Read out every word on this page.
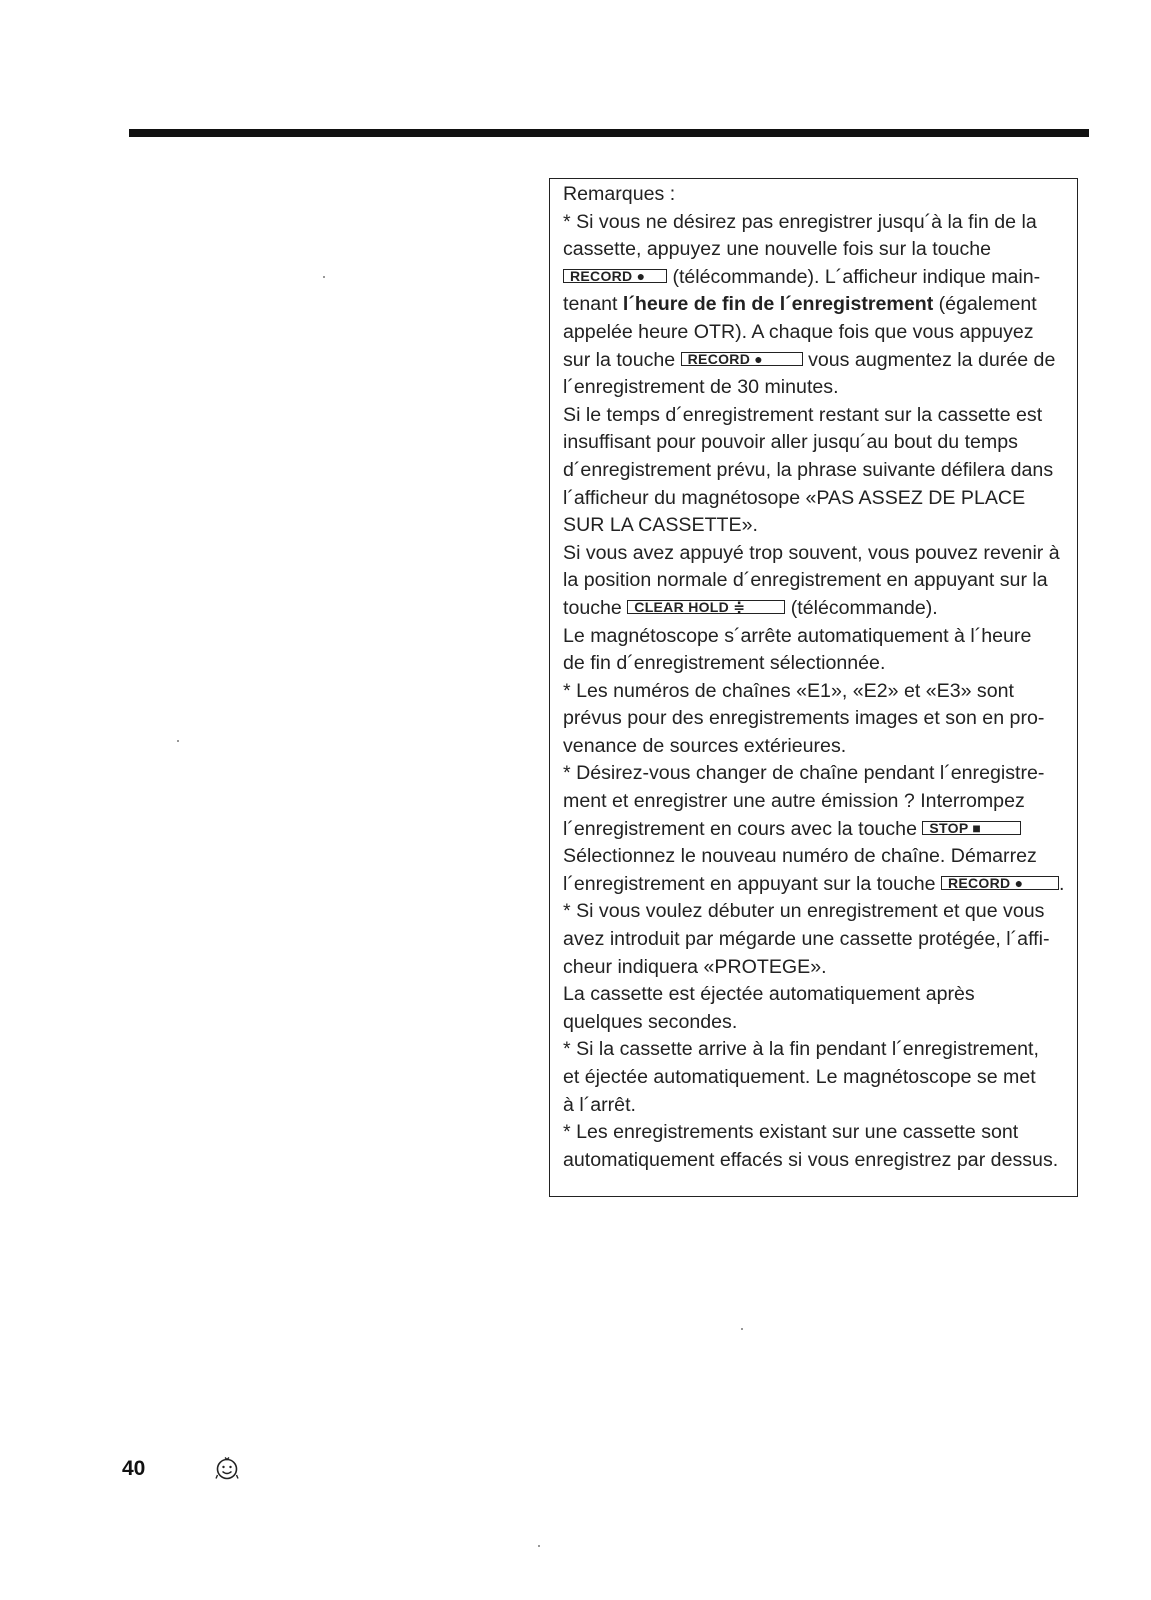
Remarques :
* Si vous ne désirez pas enregistrer jusqu´à la fin de la
cassette, appuyez une nouvelle fois sur la touche
RECORD ● (télécommande). L´afficheur indique main-
tenant l´heure de fin de l´enregistrement (également
appelée heure OTR). A chaque fois que vous appuyez
sur la touche RECORD ● vous augmentez la durée de
l´enregistrement de 30 minutes.
Si le temps d´enregistrement restant sur la cassette est
insuffisant pour pouvoir aller jusqu´au bout du temps
d´enregistrement prévu, la phrase suivante défilera dans
l´afficheur du magnétosope «PAS ASSEZ DE PLACE
SUR LA CASSETTE».
Si vous avez appuyé trop souvent, vous pouvez revenir à
la position normale d´enregistrement en appuyant sur la
touche CLEAR HOLD ≑ (télécommande).
Le magnétoscope s´arrête automatiquement à l´heure
de fin d´enregistrement sélectionnée.
* Les numéros de chaînes «E1», «E2» et «E3» sont
prévus pour des enregistrements images et son en pro-
venance de sources extérieures.
* Désirez-vous changer de chaîne pendant l´enregistre-
ment et enregistrer une autre émission ? Interrompez
l´enregistrement en cours avec la touche STOP ■
Sélectionnez le nouveau numéro de chaîne. Démarrez
l´enregistrement en appuyant sur la touche RECORD ● .
* Si vous voulez débuter un enregistrement et que vous
avez introduit par mégarde une cassette protégée, l´affi-
cheur indiquera «PROTEGE».
La cassette est éjectée automatiquement après
quelques secondes.
* Si la cassette arrive à la fin pendant l´enregistrement,
et éjectée automatiquement. Le magnétoscope se met
à l´arrêt.
* Les enregistrements existant sur une cassette sont
automatiquement effacés si vous enregistrez par dessus.
40
